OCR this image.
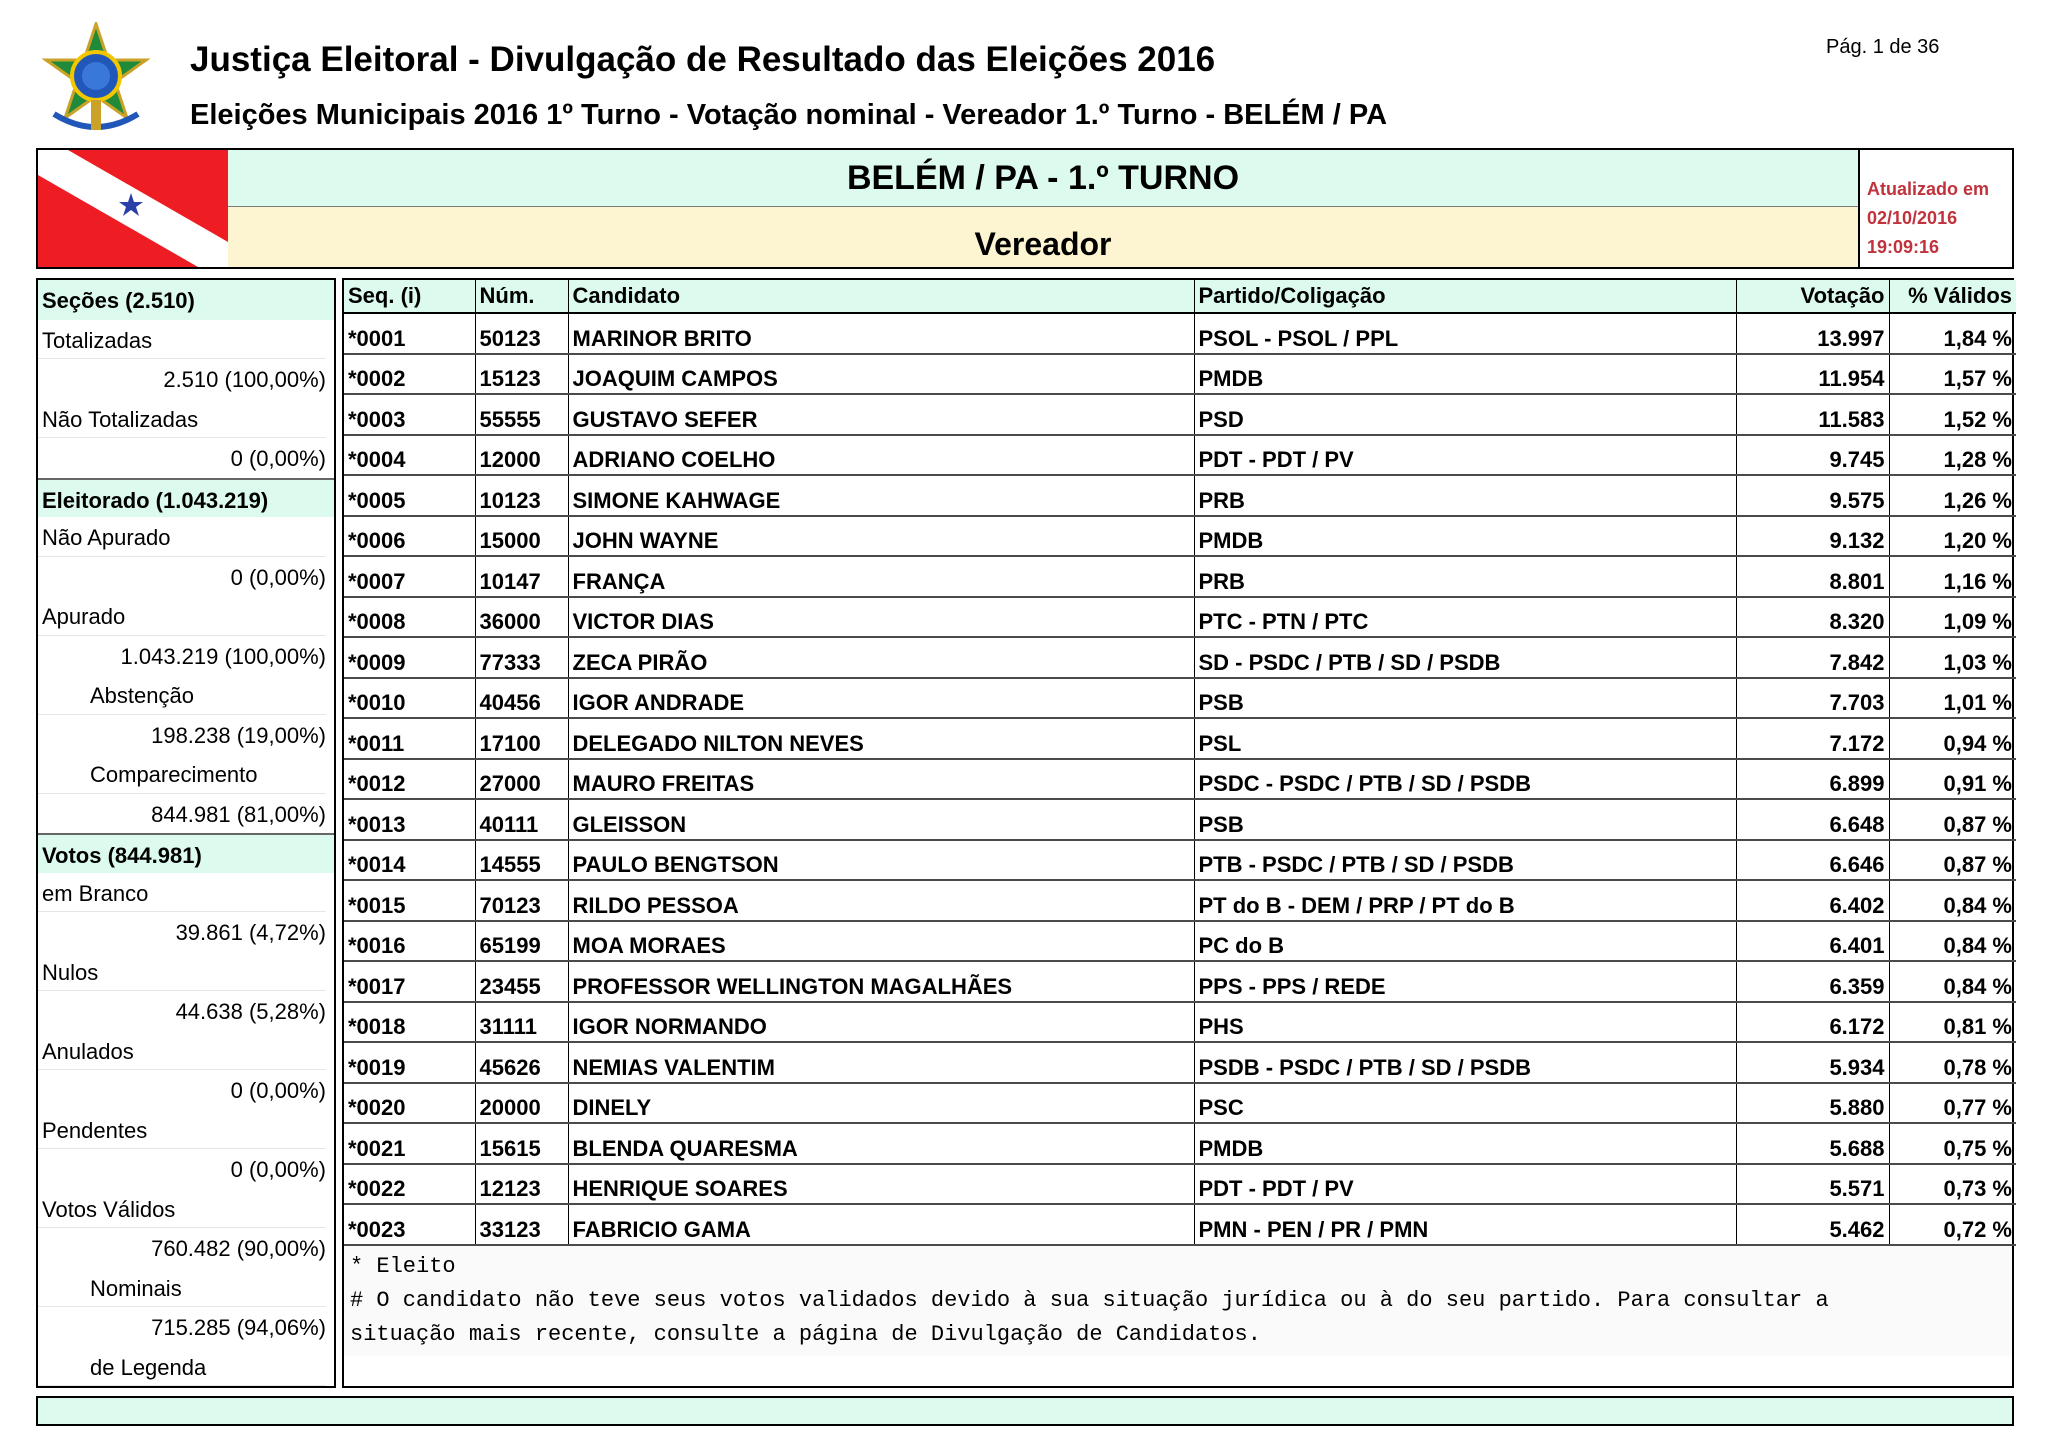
Justiça Eleitoral - Divulgação de Resultado das Eleições 2016
Eleições Municipais 2016 1º Turno - Votação nominal - Vereador 1.º Turno - BELÉM / PA
Pág. 1 de 36
BELÉM / PA - 1.º TURNO
Vereador
Atualizado em
02/10/2016
19:09:16
Seções (2.510)
Totalizadas
2.510 (100,00%)
Não Totalizadas
0 (0,00%)
Eleitorado (1.043.219)
Não Apurado
0 (0,00%)
Apurado
1.043.219 (100,00%)
Abstenção
198.238 (19,00%)
Comparecimento
844.981 (81,00%)
Votos (844.981)
em Branco
39.861 (4,72%)
Nulos
44.638 (5,28%)
Anulados
0 (0,00%)
Pendentes
0 (0,00%)
Votos Válidos
760.482 (90,00%)
Nominais
715.285 (94,06%)
de Legenda
Seq. (i)	Núm.	Candidato	Partido/Coligação	Votação	% Válidos
*0001	50123	MARINOR BRITO	PSOL - PSOL / PPL	13.997	1,84 %
*0002	15123	JOAQUIM CAMPOS	PMDB	11.954	1,57 %
*0003	55555	GUSTAVO SEFER	PSD	11.583	1,52 %
*0004	12000	ADRIANO COELHO	PDT - PDT / PV	9.745	1,28 %
*0005	10123	SIMONE KAHWAGE	PRB	9.575	1,26 %
*0006	15000	JOHN WAYNE	PMDB	9.132	1,20 %
*0007	10147	FRANÇA	PRB	8.801	1,16 %
*0008	36000	VICTOR DIAS	PTC - PTN / PTC	8.320	1,09 %
*0009	77333	ZECA PIRÃO	SD - PSDC / PTB / SD / PSDB	7.842	1,03 %
*0010	40456	IGOR ANDRADE	PSB	7.703	1,01 %
*0011	17100	DELEGADO NILTON NEVES	PSL	7.172	0,94 %
*0012	27000	MAURO FREITAS	PSDC - PSDC / PTB / SD / PSDB	6.899	0,91 %
*0013	40111	GLEISSON	PSB	6.648	0,87 %
*0014	14555	PAULO BENGTSON	PTB - PSDC / PTB / SD / PSDB	6.646	0,87 %
*0015	70123	RILDO PESSOA	PT do B - DEM / PRP / PT do B	6.402	0,84 %
*0016	65199	MOA MORAES	PC do B	6.401	0,84 %
*0017	23455	PROFESSOR WELLINGTON MAGALHÃES	PPS - PPS / REDE	6.359	0,84 %
*0018	31111	IGOR NORMANDO	PHS	6.172	0,81 %
*0019	45626	NEMIAS VALENTIM	PSDB - PSDC / PTB / SD / PSDB	5.934	0,78 %
*0020	20000	DINELY	PSC	5.880	0,77 %
*0021	15615	BLENDA QUARESMA	PMDB	5.688	0,75 %
*0022	12123	HENRIQUE SOARES	PDT - PDT / PV	5.571	0,73 %
*0023	33123	FABRICIO GAMA	PMN - PEN / PR / PMN	5.462	0,72 %
* Eleito
# O candidato não teve seus votos validados devido à sua situação jurídica ou à do seu partido. Para consultar a
situação mais recente, consulte a página de Divulgação de Candidatos.
